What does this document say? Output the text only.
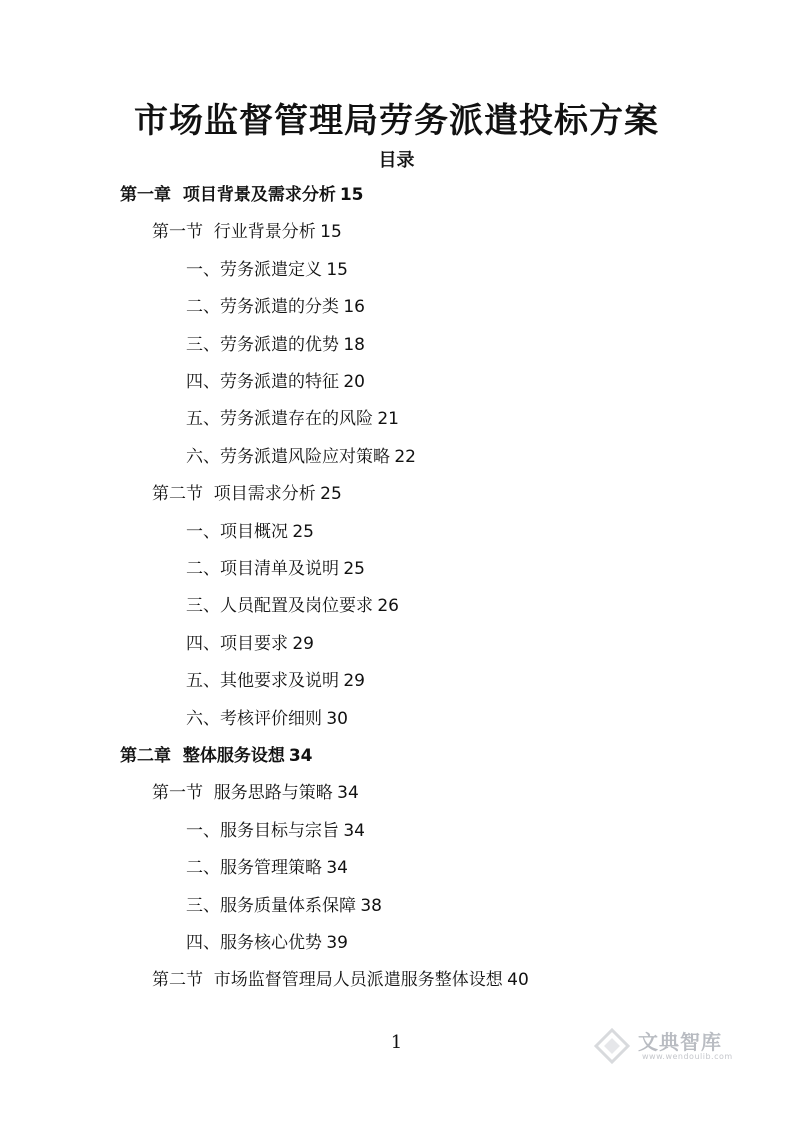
市场监督管理局劳务派遣投标方案
目录
第一章  项目背景及需求分析 15
第一节  行业背景分析 15
一、劳务派遣定义 15
二、劳务派遣的分类 16
三、劳务派遣的优势 18
四、劳务派遣的特征 20
五、劳务派遣存在的风险 21
六、劳务派遣风险应对策略 22
第二节  项目需求分析 25
一、项目概况 25
二、项目清单及说明 25
三、人员配置及岗位要求 26
四、项目要求 29
五、其他要求及说明 29
六、考核评价细则 30
第二章  整体服务设想 34
第一节  服务思路与策略 34
一、服务目标与宗旨 34
二、服务管理策略 34
三、服务质量体系保障 38
四、服务核心优势 39
第二节  市场监督管理局人员派遣服务整体设想 40
1	文典智库
www.wendoulib.com
